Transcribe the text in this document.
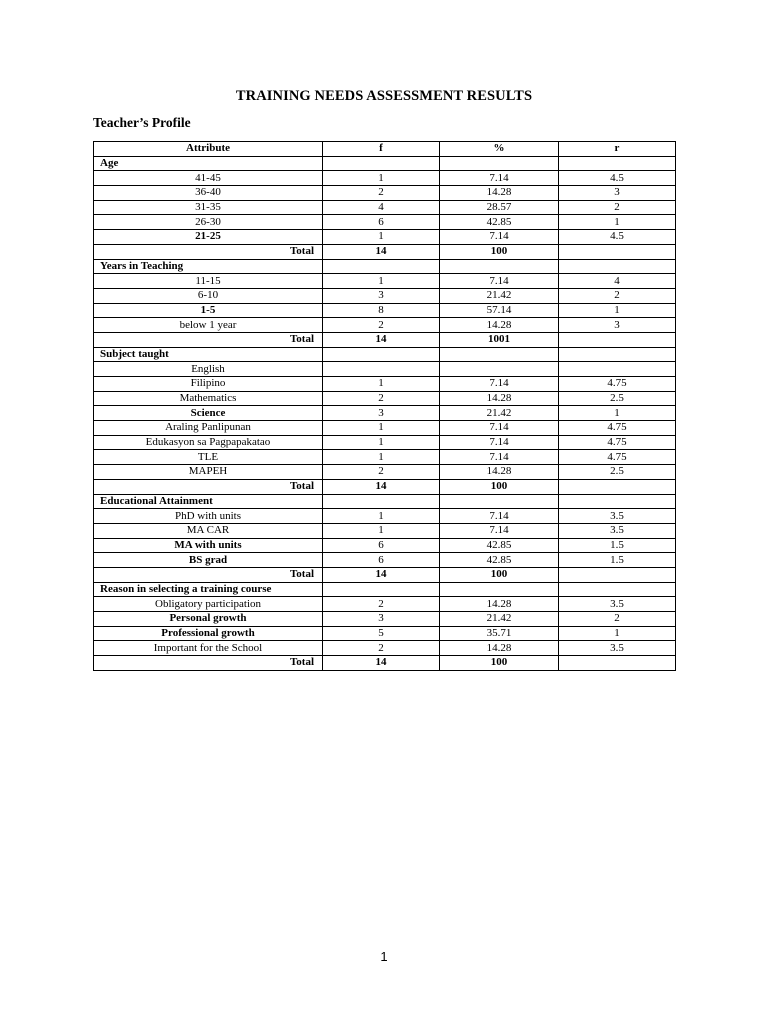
TRAINING NEEDS ASSESSMENT RESULTS
Teacher’s Profile
Attribute	f	%	r
Age			
41-45	1	7.14	4.5
36-40	2	14.28	3
31-35	4	28.57	2
26-30	6	42.85	1
21-25	1	7.14	4.5
Total	14	100	
Years in Teaching			
11-15	1	7.14	4
6-10	3	21.42	2
1-5	8	57.14	1
below 1 year	2	14.28	3
Total	14	1001	
Subject taught			
English			
Filipino	1	7.14	4.75
Mathematics	2	14.28	2.5
Science	3	21.42	1
Araling Panlipunan	1	7.14	4.75
Edukasyon sa Pagpapakatao	1	7.14	4.75
TLE	1	7.14	4.75
MAPEH	2	14.28	2.5
Total	14	100	
Educational Attainment			
PhD with units	1	7.14	3.5
MA CAR	1	7.14	3.5
MA with units	6	42.85	1.5
BS grad	6	42.85	1.5
Total	14	100	
Reason in selecting a training course			
Obligatory participation	2	14.28	3.5
Personal growth	3	21.42	2
Professional growth	5	35.71	1
Important for the School	2	14.28	3.5
Total	14	100	
1
